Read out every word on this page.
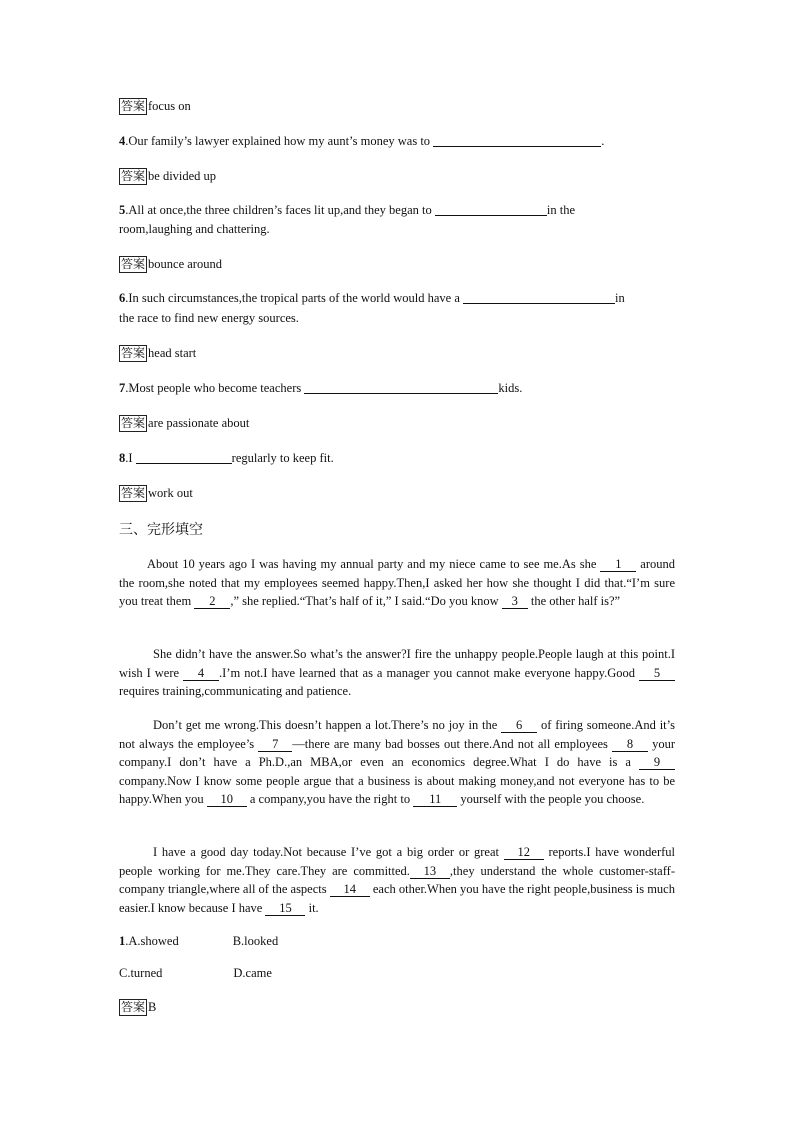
答案 focus on
4.Our family’s lawyer explained how my aunt’s money was to	.
答案 be divided up
5.All at once,the three children’s faces lit up,and they began to	in the
room,laughing and chattering.
答案 bounce around
6.In such circumstances,the tropical parts of the world would have a	in
the race to find new energy sources.
答案 head start
7.Most people who become teachers	kids.
答案 are passionate about
8.I	regularly to keep fit.
答案 work out
三、完形填空
About 10 years ago I was having my annual party and my niece came to see me.As she 1 around the room,she noted that my employees seemed happy.Then,I asked her how she thought I did that.“I’m sure you treat them 2 ,” she replied.“That’s half of it,” I said.“Do you know 3 the other half is?”
She didn’t have the answer.So what’s the answer?I fire the unhappy people.People laugh at this point.I wish I were 4 .I’m not.I have learned that as a manager you cannot make everyone happy.Good 5 requires training,communicating and patience.
Don’t get me wrong.This doesn’t happen a lot.There’s no joy in the 6 of firing someone.And it’s not always the employee’s 7 —there are many bad bosses out there.And not all employees 8 your company.I don’t have a Ph.D.,an MBA,or even an economics degree.What I do have is a 9 company.Now I know some people argue that a business is about making money,and not everyone has to be happy.When you 10 a company,you have the right to 11 yourself with the people you choose.
I have a good day today.Not because I’ve got a big order or great 12 reports.I have wonderful people working for me.They care.They are committed. 13 ,they understand the whole customer-staff-company triangle,where all of the aspects 14 each other.When you have the right people,business is much easier.I know because I have 15 it.
1.A.showed	B.looked
C.turned	D.came
答案 B
